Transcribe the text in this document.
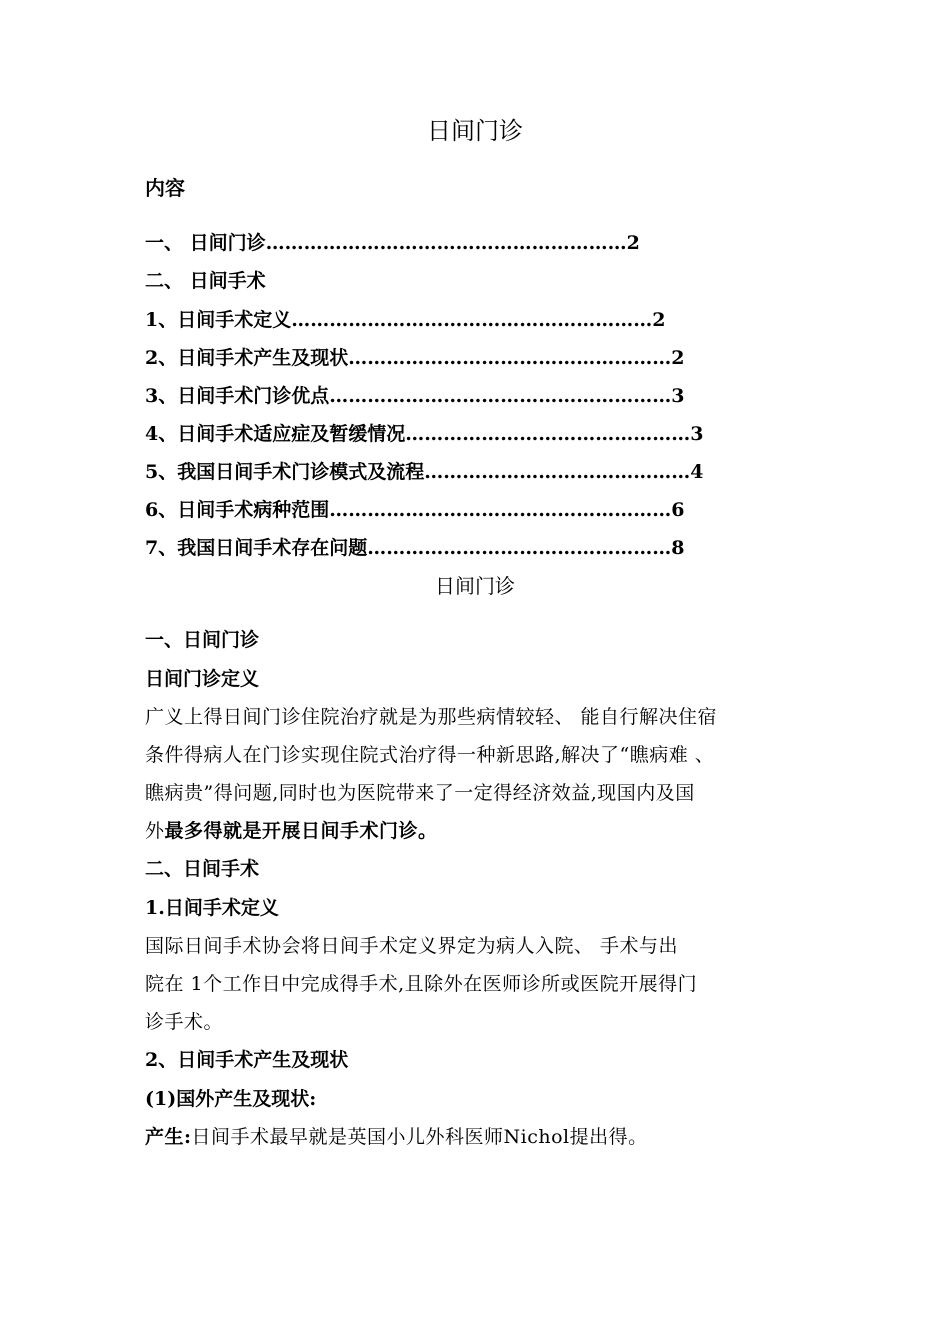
日间门诊
内容
一、 日间门诊…………………………………………………2
二、 日间手术
1、日间手术定义…………………………………………………2
2、日间手术产生及现状……………………………………………2
3、日间手术门诊优点………………………………………………3
4、日间手术适应症及暂缓情况………………………………………3
5、我国日间手术门诊模式及流程……………………………………4
6、日间手术病种范围………………………………………………6
7、我国日间手术存在问题…………………………………………8
日间门诊
一、日间门诊
日间门诊定义
广义上得日间门诊住院治疗就是为那些病情较轻、 能自行解决住宿
条件得病人在门诊实现住院式治疗得一种新思路,解决了“瞧病难 、
瞧病贵”得问题,同时也为医院带来了一定得经济效益,现国内及国
外最多得就是开展日间手术门诊。
二、日间手术
1.日间手术定义
国际日间手术协会将日间手术定义界定为病人入院、 手术与出
院在 1个工作日中完成得手术,且除外在医师诊所或医院开展得门
诊手术。
2、日间手术产生及现状
(1)国外产生及现状:
产生:日间手术最早就是英国小儿外科医师Nichol提出得。
